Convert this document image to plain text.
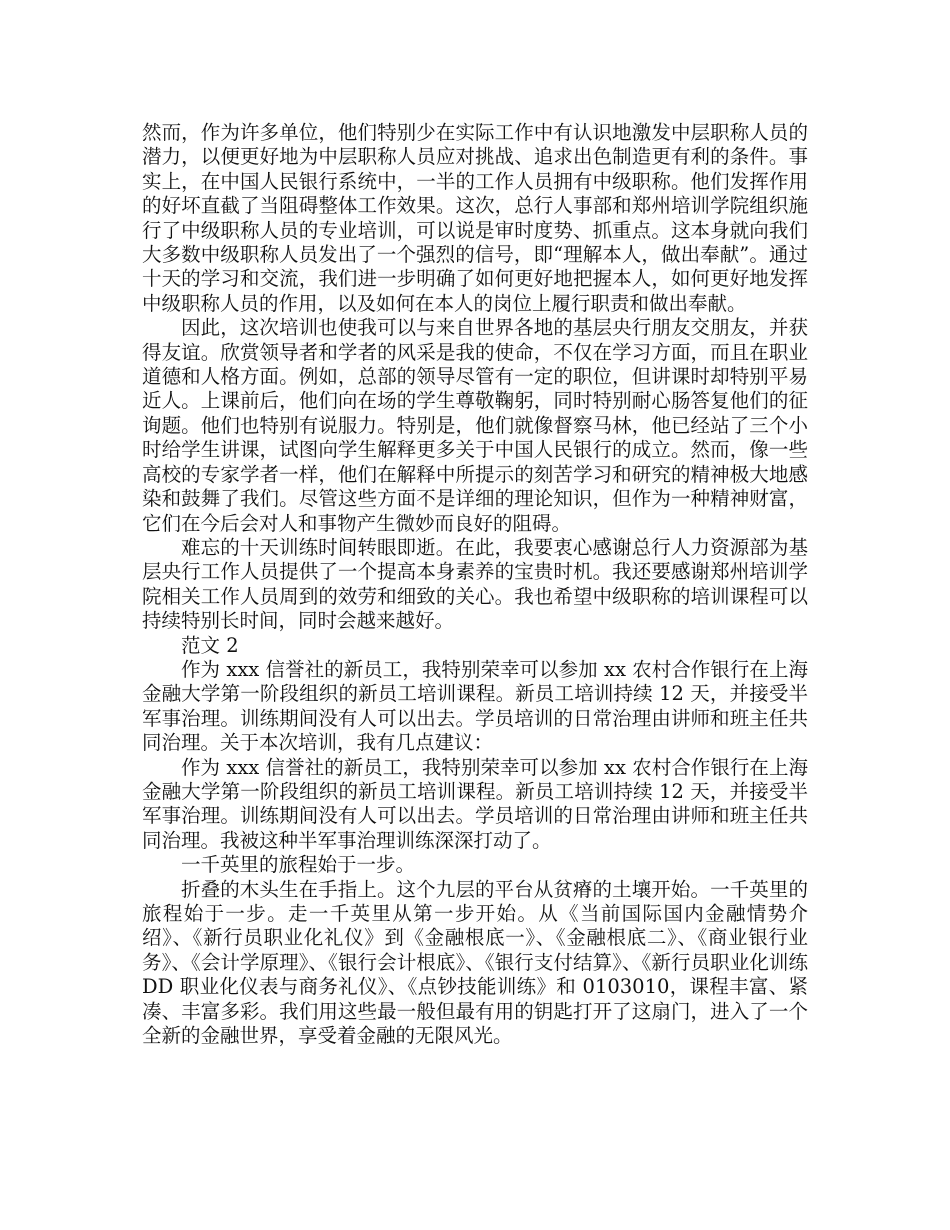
然而，作为许多单位，他们特别少在实际工作中有认识地激发中层职称人员的潜力，以便更好地为中层职称人员应对挑战、追求出色制造更有利的条件。事实上，在中国人民银行系统中，一半的工作人员拥有中级职称。他们发挥作用的好坏直截了当阻碍整体工作效果。这次，总行人事部和郑州培训学院组织施行了中级职称人员的专业培训，可以说是审时度势、抓重点。这本身就向我们大多数中级职称人员发出了一个强烈的信号，即“理解本人，做出奉献”。通过十天的学习和交流，我们进一步明确了如何更好地把握本人，如何更好地发挥中级职称人员的作用，以及如何在本人的岗位上履行职责和做出奉献。

因此，这次培训也使我可以与来自世界各地的基层央行朋友交朋友，并获得友谊。欣赏领导者和学者的风采是我的使命，不仅在学习方面，而且在职业道德和人格方面。例如，总部的领导尽管有一定的职位，但讲课时却特别平易近人。上课前后，他们向在场的学生尊敬鞠躬，同时特别耐心肠答复他们的征询题。他们也特别有说服力。特别是，他们就像督察马林，他已经站了三个小时给学生讲课，试图向学生解释更多关于中国人民银行的成立。然而，像一些高校的专家学者一样，他们在解释中所提示的刻苦学习和研究的精神极大地感染和鼓舞了我们。尽管这些方面不是详细的理论知识，但作为一种精神财富，它们在今后会对人和事物产生微妙而良好的阻碍。

难忘的十天训练时间转眼即逝。在此，我要衷心感谢总行人力资源部为基层央行工作人员提供了一个提高本身素养的宝贵时机。我还要感谢郑州培训学院相关工作人员周到的效劳和细致的关心。我也希望中级职称的培训课程可以持续特别长时间，同时会越来越好。

范文 2

作为 xxx 信誉社的新员工，我特别荣幸可以参加 xx 农村合作银行在上海金融大学第一阶段组织的新员工培训课程。新员工培训持续 12 天，并接受半军事治理。训练期间没有人可以出去。学员培训的日常治理由讲师和班主任共同治理。关于本次培训，我有几点建议：

作为 xxx 信誉社的新员工，我特别荣幸可以参加 xx 农村合作银行在上海金融大学第一阶段组织的新员工培训课程。新员工培训持续 12 天，并接受半军事治理。训练期间没有人可以出去。学员培训的日常治理由讲师和班主任共同治理。我被这种半军事治理训练深深打动了。

一千英里的旅程始于一步。

折叠的木头生在手指上。这个九层的平台从贫瘠的土壤开始。一千英里的旅程始于一步。走一千英里从第一步开始。从《当前国际国内金融情势介绍》、《新行员职业化礼仪》到《金融根底一》、《金融根底二》、《商业银行业务》、《会计学原理》、《银行会计根底》、《银行支付结算》、《新行员职业化训练 DD 职业化仪表与商务礼仪》、《点钞技能训练》和 0103010，课程丰富、紧凑、丰富多彩。我们用这些最一般但最有用的钥匙打开了这扇门，进入了一个全新的金融世界，享受着金融的无限风光。
